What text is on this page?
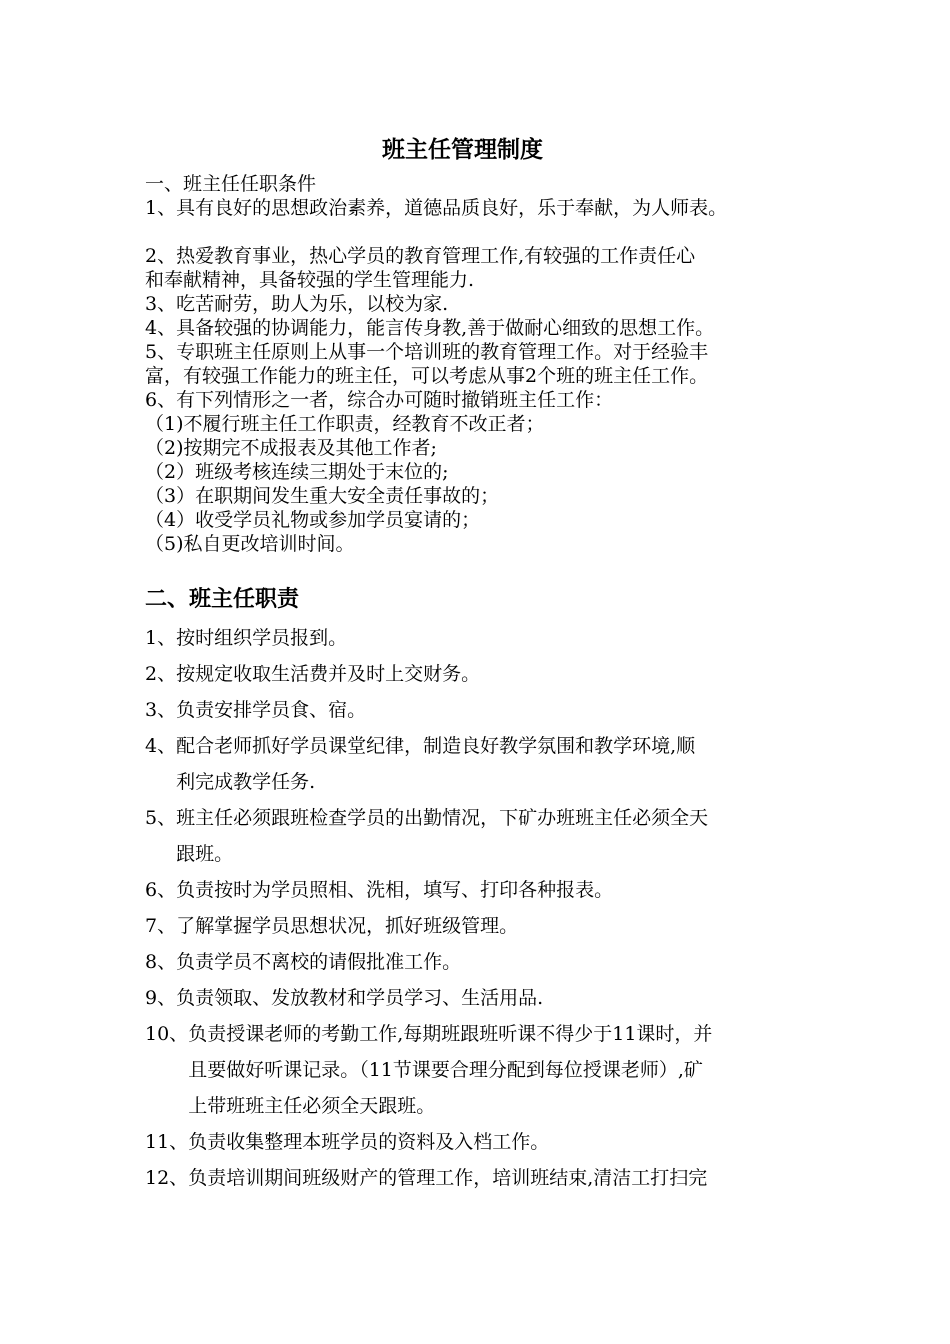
班主任管理制度
一、班主任任职条件
1、具有良好的思想政治素养，道德品质良好，乐于奉献，为人师表。
2、热爱教育事业，热心学员的教育管理工作,有较强的工作责任心
和奉献精神，具备较强的学生管理能力.
3、吃苦耐劳，助人为乐，以校为家.
4、具备较强的协调能力，能言传身教,善于做耐心细致的思想工作。
5、专职班主任原则上从事一个培训班的教育管理工作。对于经验丰
富，有较强工作能力的班主任，可以考虑从事2个班的班主任工作。
6、有下列情形之一者，综合办可随时撤销班主任工作：
（1)不履行班主任工作职责，经教育不改正者；
（2)按期完不成报表及其他工作者;
（2）班级考核连续三期处于末位的;
（3）在职期间发生重大安全责任事故的；
（4）收受学员礼物或参加学员宴请的；
（5)私自更改培训时间。
二、班主任职责
1、 按时组织学员报到。
2、 按规定收取生活费并及时上交财务。
3、 负责安排学员食、宿。
4、 配合老师抓好学员课堂纪律，制造良好教学氛围和教学环境,顺
利完成教学任务.
5、 班主任必须跟班检查学员的出勤情况，下矿办班班主任必须全天
跟班。
6、 负责按时为学员照相、洗相，填写、打印各种报表。
7、 了解掌握学员思想状况，抓好班级管理。
8、 负责学员不离校的请假批准工作。
9、 负责领取、发放教材和学员学习、生活用品.
10、 负责授课老师的考勤工作,每期班跟班听课不得少于11课时，并
且要做好听课记录。（11节课要合理分配到每位授课老师）,矿
上带班班主任必须全天跟班。
11、 负责收集整理本班学员的资料及入档工作。
12、 负责培训期间班级财产的管理工作，培训班结束,清洁工打扫完
